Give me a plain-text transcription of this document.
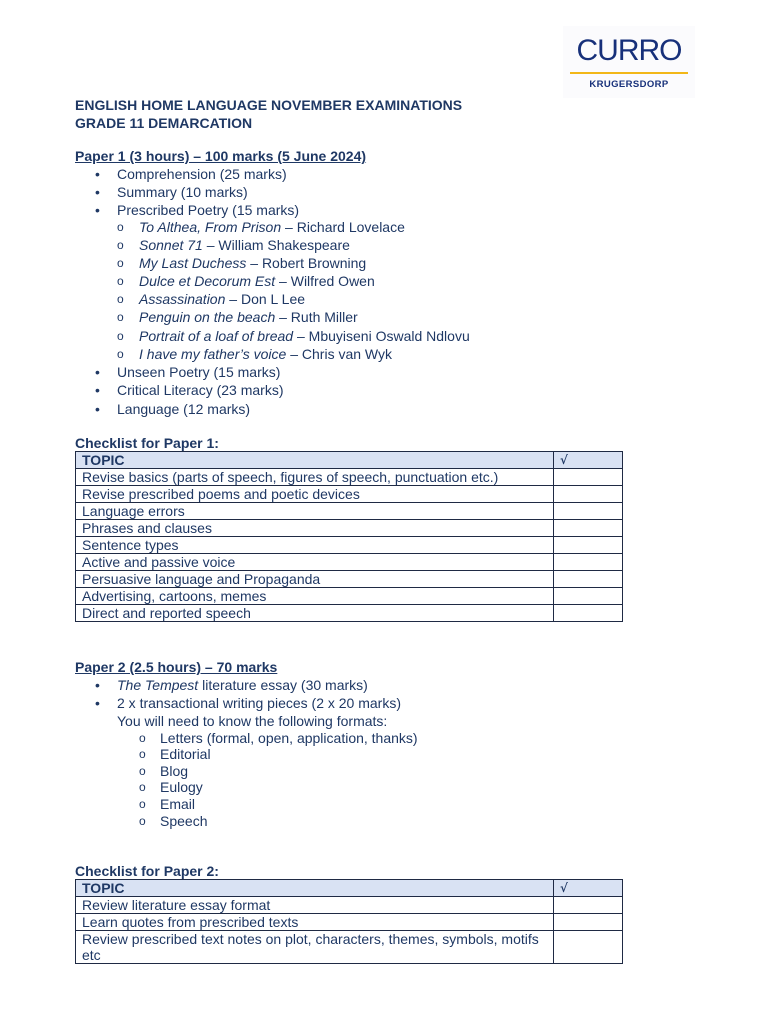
CURRO
KRUGERSDORP
ENGLISH HOME LANGUAGE NOVEMBER EXAMINATIONS
GRADE 11 DEMARCATION
Paper 1 (3 hours) – 100 marks (5 June 2024)
• Comprehension (25 marks)
• Summary (10 marks)
• Prescribed Poetry (15 marks)
o To Althea, From Prison – Richard Lovelace
o Sonnet 71 – William Shakespeare
o My Last Duchess – Robert Browning
o Dulce et Decorum Est – Wilfred Owen
o Assassination – Don L Lee
o Penguin on the beach – Ruth Miller
o Portrait of a loaf of bread – Mbuyiseni Oswald Ndlovu
o I have my father’s voice – Chris van Wyk
• Unseen Poetry (15 marks)
• Critical Literacy (23 marks)
• Language (12 marks)
Checklist for Paper 1:
TOPIC	√
Revise basics (parts of speech, figures of speech, punctuation etc.)	
Revise prescribed poems and poetic devices	
Language errors	
Phrases and clauses	
Sentence types	
Active and passive voice	
Persuasive language and Propaganda	
Advertising, cartoons, memes	
Direct and reported speech	
Paper 2 (2.5 hours) – 70 marks
• The Tempest literature essay (30 marks)
• 2 x transactional writing pieces (2 x 20 marks)
You will need to know the following formats:
o Letters (formal, open, application, thanks)
o Editorial
o Blog
o Eulogy
o Email
o Speech
Checklist for Paper 2:
TOPIC	√
Review literature essay format	
Learn quotes from prescribed texts	
Review prescribed text notes on plot, characters, themes, symbols, motifs etc	
